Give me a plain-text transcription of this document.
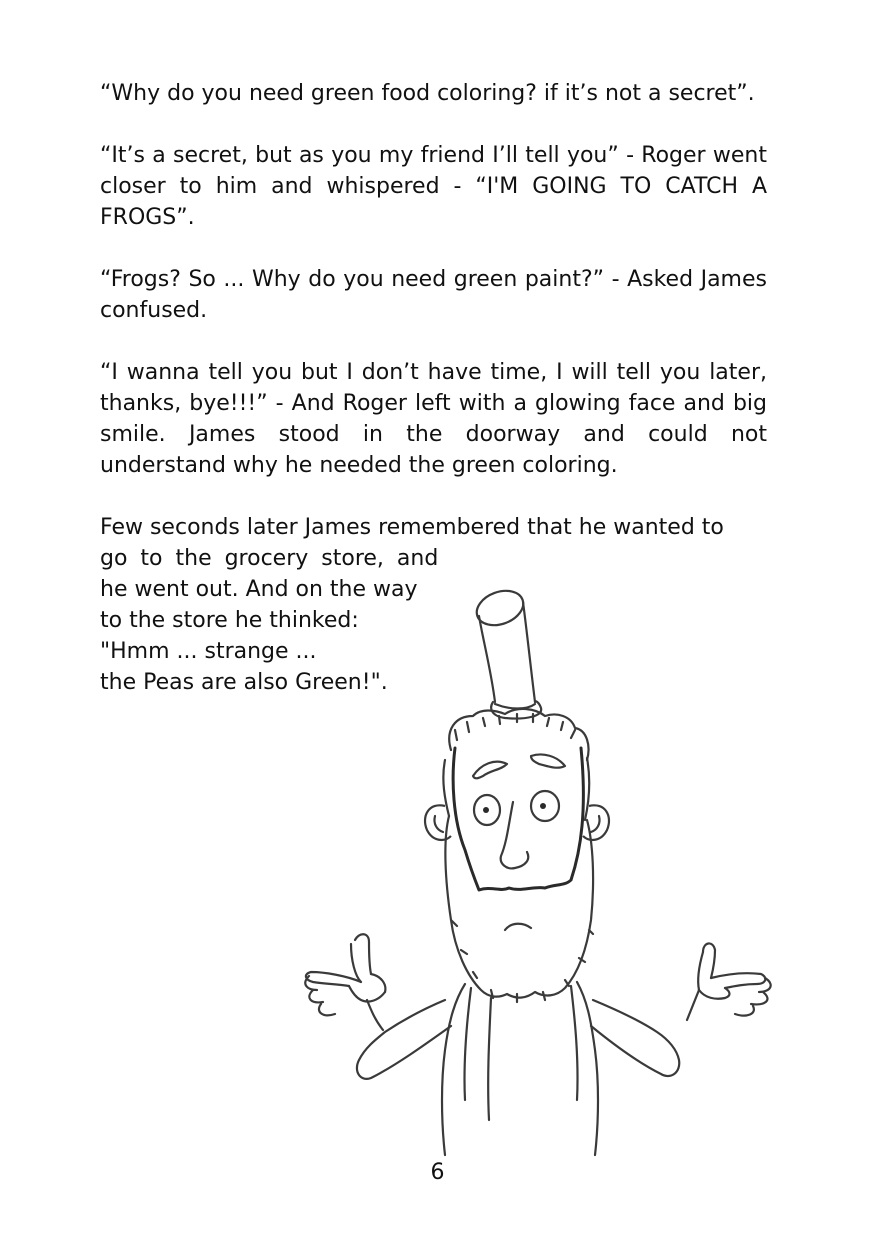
“Why do you need green food coloring? if it’s not a secret”.

“It’s a secret, but as you my friend I’ll tell you” - Roger went closer to him and whispered - “I'M GOING TO CATCH A FROGS”.

“Frogs? So ... Why do you need green paint?” - Asked James confused.

“I wanna tell you but I don’t have time, I will tell you later, thanks, bye!!!” - And Roger left with a glowing face and big smile. James stood in the doorway and could not understand why he needed the green coloring.

Few seconds later James remembered that he wanted to
go to the grocery store, and
he went out. And on the way
to the store he thinked:
"Hmm ... strange ...
the Peas are also Green!".
6
